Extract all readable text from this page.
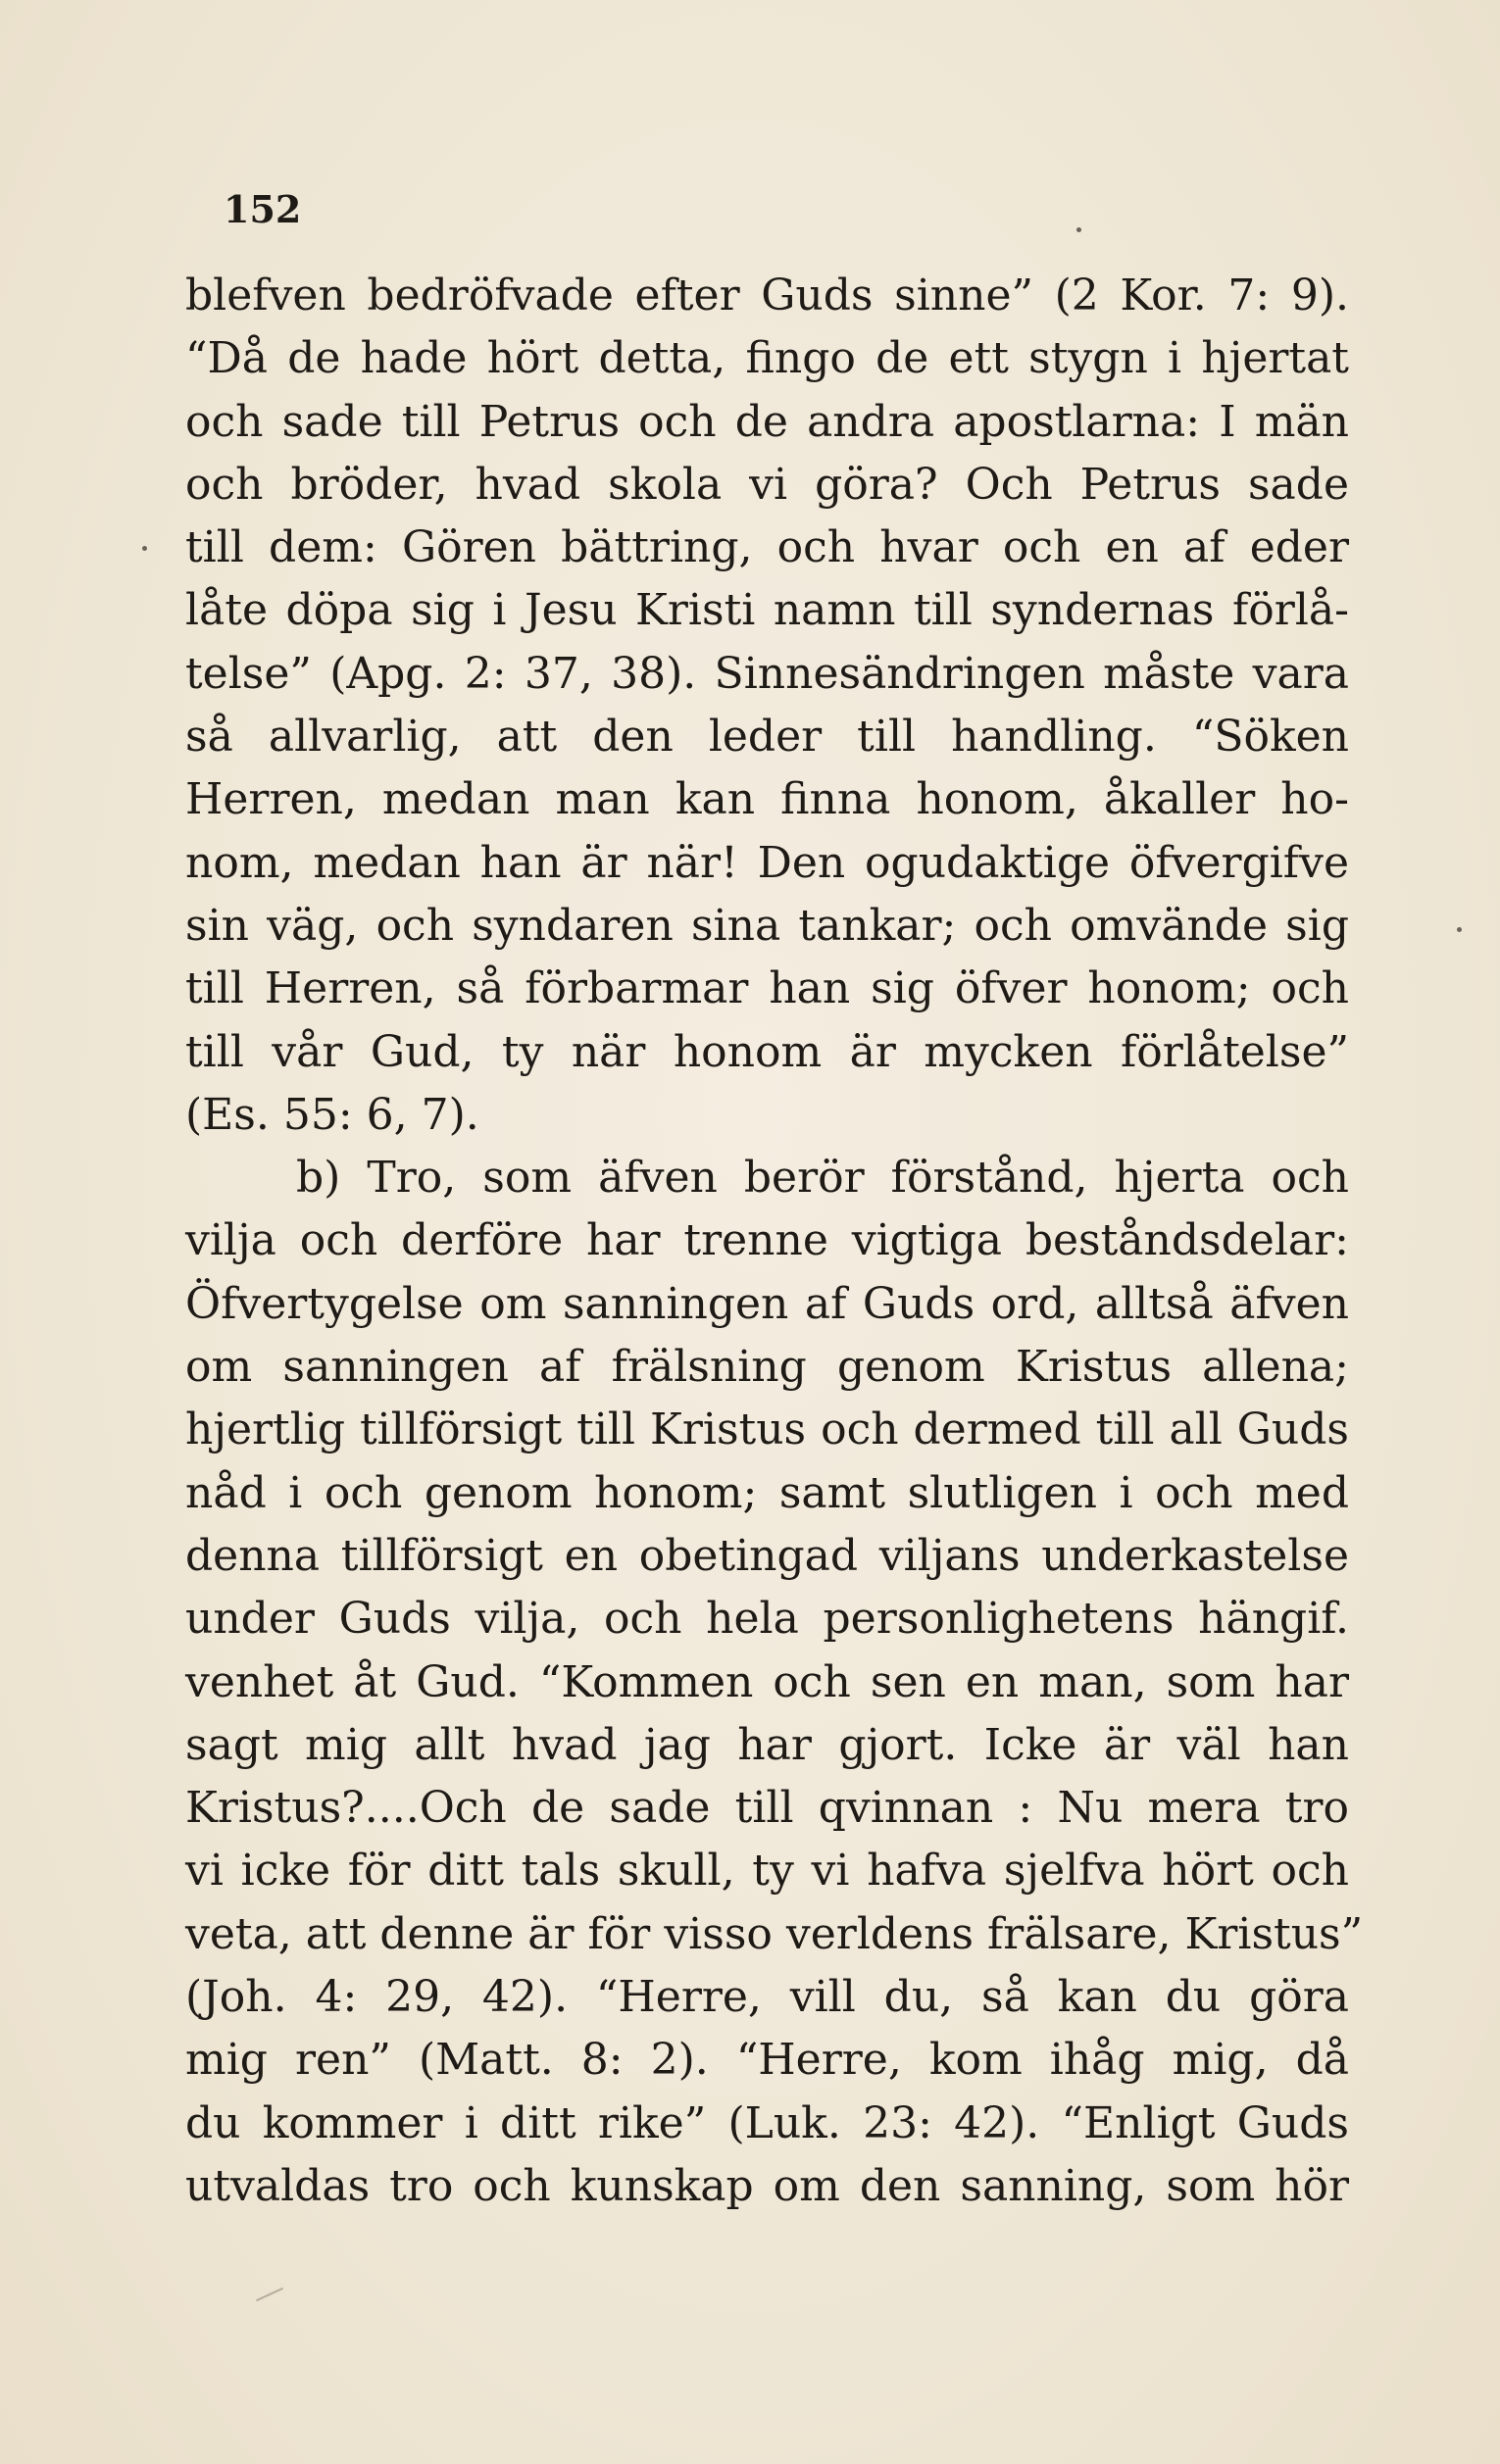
152
blefven bedröfvade efter Guds sinne” (2 Kor. 7: 9).
“Då de hade hört detta, fingo de ett stygn i hjertat
och sade till Petrus och de andra apostlarna: I män
och bröder, hvad skola vi göra? Och Petrus sade
till dem: Gören bättring, och hvar och en af eder
låte döpa sig i Jesu Kristi namn till syndernas förlå-
telse” (Apg. 2: 37, 38). Sinnesändringen måste vara
så allvarlig, att den leder till handling. “Söken
Herren, medan man kan finna honom, åkaller ho-
nom, medan han är när! Den ogudaktige öfvergifve
sin väg, och syndaren sina tankar; och omvände sig
till Herren, så förbarmar han sig öfver honom; och
till vår Gud, ty när honom är mycken förlåtelse”
(Es. 55: 6, 7).
b) Tro, som äfven berör förstånd, hjerta och
vilja och derföre har trenne vigtiga beståndsdelar:
Öfvertygelse om sanningen af Guds ord, alltså äfven
om sanningen af frälsning genom Kristus allena;
hjertlig tillförsigt till Kristus och dermed till all Guds
nåd i och genom honom; samt slutligen i och med
denna tillförsigt en obetingad viljans underkastelse
under Guds vilja, och hela personlighetens hängif.
venhet åt Gud. “Kommen och sen en man, som har
sagt mig allt hvad jag har gjort. Icke är väl han
Kristus?....Och de sade till qvinnan : Nu mera tro
vi icke för ditt tals skull, ty vi hafva sjelfva hört och
veta, att denne är för visso verldens frälsare, Kristus”
(Joh. 4: 29, 42). “Herre, vill du, så kan du göra
mig ren” (Matt. 8: 2). “Herre, kom ihåg mig, då
du kommer i ditt rike” (Luk. 23: 42). “Enligt Guds
utvaldas tro och kunskap om den sanning, som hör
